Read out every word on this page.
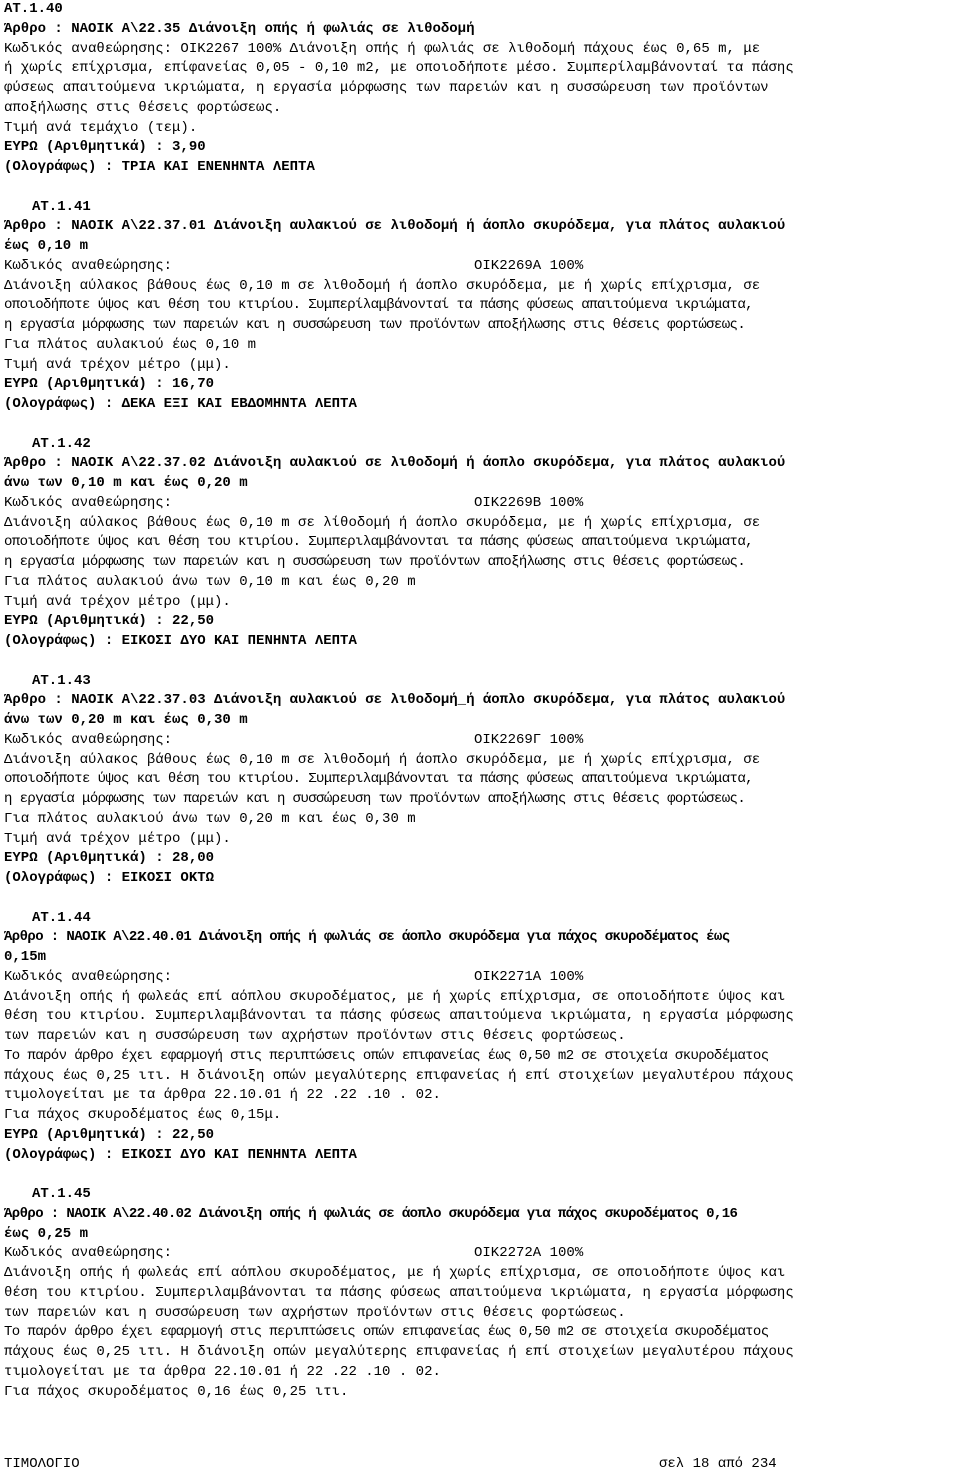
AT.1.40
Άρθρο : ΝΑΟΙΚ Α\22.35 Διάνοιξη οπής ή φωλιάς σε λιθοδομή
Κωδικός αναθεώρησης: ΟΙΚ2267 100% Διάνοιξη οπής ή φωλιάς σε λιθοδομή πάχους έως 0,65 m, με
ή χωρίς επίχρισμα, επίφανείας 0,05 - 0,10 m2, με οποιοδήποτε μέσο. Συμπερίλαμβάνονταί τα πάσης
φύσεως απαιτούμενα ικριώματα, η εργασία μόρφωσης των παρειών και η συσσώρευση των προϊόντων
αποξήλωσης στις θέσεις φορτώσεως.
Τιμή ανά τεμάχιο (τεμ).
ΕΥΡΩ (Αριθμητικά) : 3,90
(Ολογράφως) : ΤΡΙΑ ΚΑΙ ΕΝΕΝΗΝΤΑ ΛΕΠΤΑ
AT.1.41
Άρθρο : ΝΑΟΙΚ Α\22.37.01 Διάνοιξη αυλακιού σε λιθοδομή ή άοπλο σκυρόδεμα, για πλάτος αυλακιού
έως 0,10 m
Κωδικός αναθεώρησης:	ΟΙΚ2269Α 100%
Διάνοιξη αύλακος βάθους έως 0,10 m σε λιθοδομή ή άοπλο σκυρόδεμα, με ή χωρίς επίχρισμα, σε
οποιοδήποτε ύψος και θέση του κτιρίου. Συμπερίλαμβάνονταί τα πάσης φύσεως απαιτούμενα ικριώματα,
η εργασία μόρφωσης των παρειών και η συσσώρευση των προϊόντων αποξήλωσης στις θέσεις φορτώσεως.
Για πλάτος αυλακιού έως 0,10 m
Τιμή ανά τρέχον μέτρο (μμ).
ΕΥΡΩ (Αριθμητικά) : 16,70
(Ολογράφως) : ΔΕΚΑ ΕΞΙ ΚΑΙ ΕΒΔΟΜΗΝΤΑ ΛΕΠΤΑ
AT.1.42
Άρθρο : ΝΑΟΙΚ Α\22.37.02 Διάνοιξη αυλακιού σε λιθοδομή ή άοπλο σκυρόδεμα, για πλάτος αυλακιού
άνω των 0,10 m και έως 0,20 m
Κωδικός αναθεώρησης:	ΟΙΚ2269Β 100%
Διάνοιξη αύλακος βάθους έως 0,10 m σε λίθοδομή ή άοπλο σκυρόδεμα, με ή χωρίς επίχρισμα, σε
οποιοδήποτε ύψος και θέση του κτιρίου. Συμπεριλαμβάνονται τα πάσης φύσεως απαιτούμενα ικριώματα,
η εργασία μόρφωσης των παρειών και η συσσώρευση των προϊόντων αποξήλωσης στις θέσεις φορτώσεως.
Για πλάτος αυλακιού άνω των 0,10 m και έως 0,20 m
Τιμή ανά τρέχον μέτρο (μμ).
ΕΥΡΩ (Αριθμητικά) : 22,50
(Ολογράφως) : ΕΙΚΟΣΙ ΔΥΟ ΚΑΙ ΠΕΝΗΝΤΑ ΛΕΠΤΑ
AT.1.43
Άρθρο : ΝΑΟΙΚ Α\22.37.03 Διάνοιξη αυλακιού σε λιθοδομή_ή άοπλο σκυρόδεμα, για πλάτος αυλακιού
άνω των 0,20 m και έως 0,30 m
Κωδικός αναθεώρησης:	ΟΙΚ2269Γ 100%
Διάνοιξη αύλακος βάθους έως 0,10 m σε λιθοδομή ή άοπλο σκυρόδεμα, με ή χωρίς επίχρισμα, σε
οποιοδήποτε ύψος και θέση του κτιρίου. Συμπεριλαμβάνονται τα πάσης φύσεως απαιτούμενα ικριώματα,
η εργασία μόρφωσης των παρειών και η συσσώρευση των προϊόντων αποξήλωσης στις θέσεις φορτώσεως.
Για πλάτος αυλακιού άνω των 0,20 m και έως 0,30 m
Τιμή ανά τρέχον μέτρο (μμ).
ΕΥΡΩ (Αριθμητικά) : 28,00
(Ολογράφως) : ΕΙΚΟΣΙ ΟΚΤΩ
AT.1.44
Άρθρο : ΝΑΟΙΚ Α\22.40.01 Διάνοιξη οπής ή φωλιάς σε άοπλο σκυρόδεμα για πάχος σκυροδέματος έως
0,15m
Κωδικός αναθεώρησης:	ΟΙΚ2271Α 100%
Διάνοιξη οπής ή φωλεάς επί αόπλου σκυροδέματος, με ή χωρίς επίχρισμα, σε οποιοδήποτε ύψος και
θέση του κτιρίου. Συμπεριλαμβάνονται τα πάσης φύσεως απαιτούμενα ικριώματα, η εργασία μόρφωσης
των παρειών και η συσσώρευση των αχρήστων προϊόντων στις θέσεις φορτώσεως.
Το παρόν άρθρο έχει εφαρμογή στις περιπτώσεις οπών επιφανείας έως 0,50 m2 σε στοιχεία σκυροδέματος
πάχους έως 0,25 ιτι. Η διάνοιξη οπών μεγαλύτερης επιφανείας ή επί στοιχείων μεγαλυτέρου πάχους
τιμολογείται με τα άρθρα 22.10.01 ή 22 .22 .10 . 02.
Για πάχος σκυροδέματος έως 0,15μ.
ΕΥΡΩ (Αριθμητικά) : 22,50
(Ολογράφως) : ΕΙΚΟΣΙ ΔΥΟ ΚΑΙ ΠΕΝΗΝΤΑ ΛΕΠΤΑ
AT.1.45
Άρθρο : ΝΑΟΙΚ Α\22.40.02 Διάνοιξη οπής ή φωλιάς σε άοπλο σκυρόδεμα για πάχος σκυροδέματος 0,16
έως 0,25 m
Κωδικός αναθεώρησης:	ΟΙΚ2272Α 100%
Διάνοιξη οπής ή φωλεάς επί αόπλου σκυροδέματος, με ή χωρίς επίχρισμα, σε οποιοδήποτε ύψος και
θέση του κτιρίου. Συμπεριλαμβάνονται τα πάσης φύσεως απαιτούμενα ικριώματα, η εργασία μόρφωσης
των παρειών και η συσσώρευση των αχρήστων προϊόντων στις θέσεις φορτώσεως.
Το παρόν άρθρο έχει εφαρμογή στις περιπτώσεις οπών επιφανείας έως 0,50 m2 σε στοιχεία σκυροδέματος
πάχους έως 0,25 ιτι. Η διάνοιξη οπών μεγαλύτερης επιφανείας ή επί στοιχείων μεγαλυτέρου πάχους
τιμολογείται με τα άρθρα 22.10.01 ή 22 .22 .10 . 02.
Για πάχος σκυροδέματος 0,16 έως 0,25 ιτι.
ΤΙΜΟΛΟΓΙΟ	σελ 18 από 234
